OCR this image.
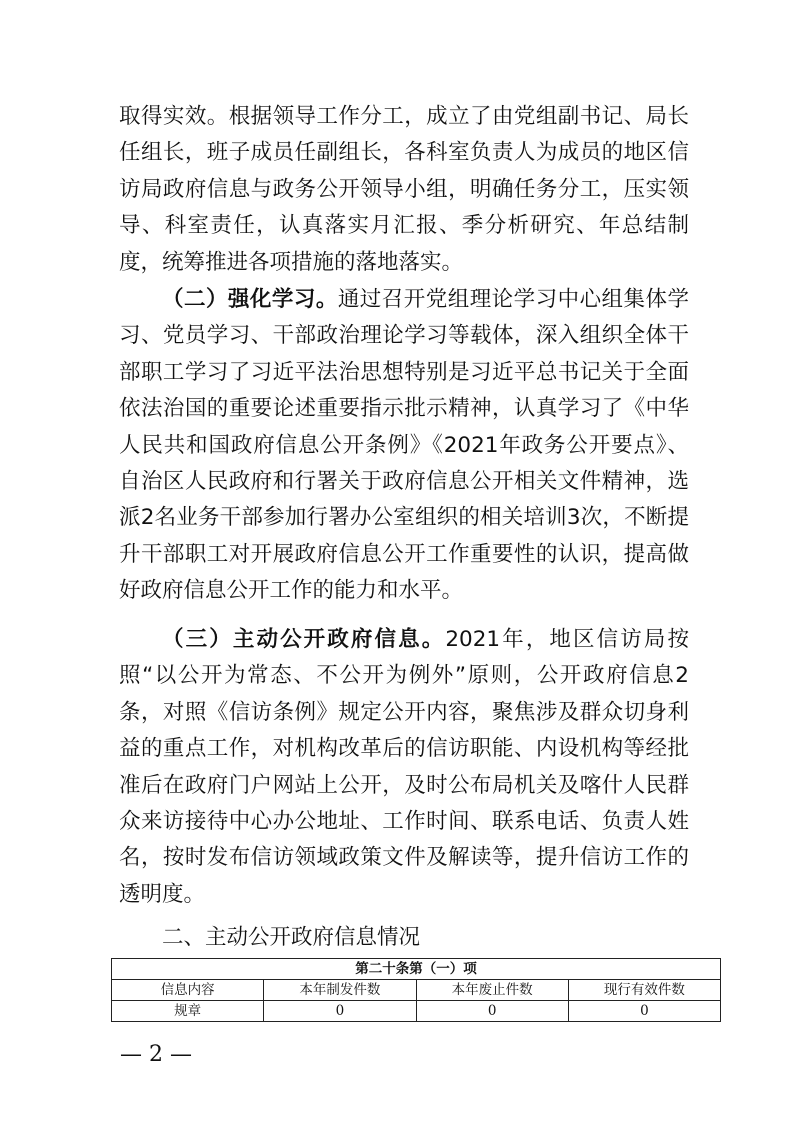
取得实效。根据领导工作分工，成立了由党组副书记、局长任组长，班子成员任副组长，各科室负责人为成员的地区信访局政府信息与政务公开领导小组，明确任务分工，压实领导、科室责任，认真落实月汇报、季分析研究、年总结制度，统筹推进各项措施的落地落实。

（二）强化学习。通过召开党组理论学习中心组集体学习、党员学习、干部政治理论学习等载体，深入组织全体干部职工学习了习近平法治思想特别是习近平总书记关于全面依法治国的重要论述重要指示批示精神，认真学习了《中华人民共和国政府信息公开条例》《2021年政务公开要点》、自治区人民政府和行署关于政府信息公开相关文件精神，选派2名业务干部参加行署办公室组织的相关培训3次，不断提升干部职工对开展政府信息公开工作重要性的认识，提高做好政府信息公开工作的能力和水平。

（三）主动公开政府信息。2021年，地区信访局按照“以公开为常态、不公开为例外”原则，公开政府信息2条，对照《信访条例》规定公开内容，聚焦涉及群众切身利益的重点工作，对机构改革后的信访职能、内设机构等经批准后在政府门户网站上公开，及时公布局机关及喀什人民群众来访接待中心办公地址、工作时间、联系电话、负责人姓名，按时发布信访领域政策文件及解读等，提升信访工作的透明度。

二、主动公开政府信息情况

第二十条第（一）项			
信息内容	本年制发件数	本年废止件数	现行有效件数
规章	0	0	0
— 2 —
